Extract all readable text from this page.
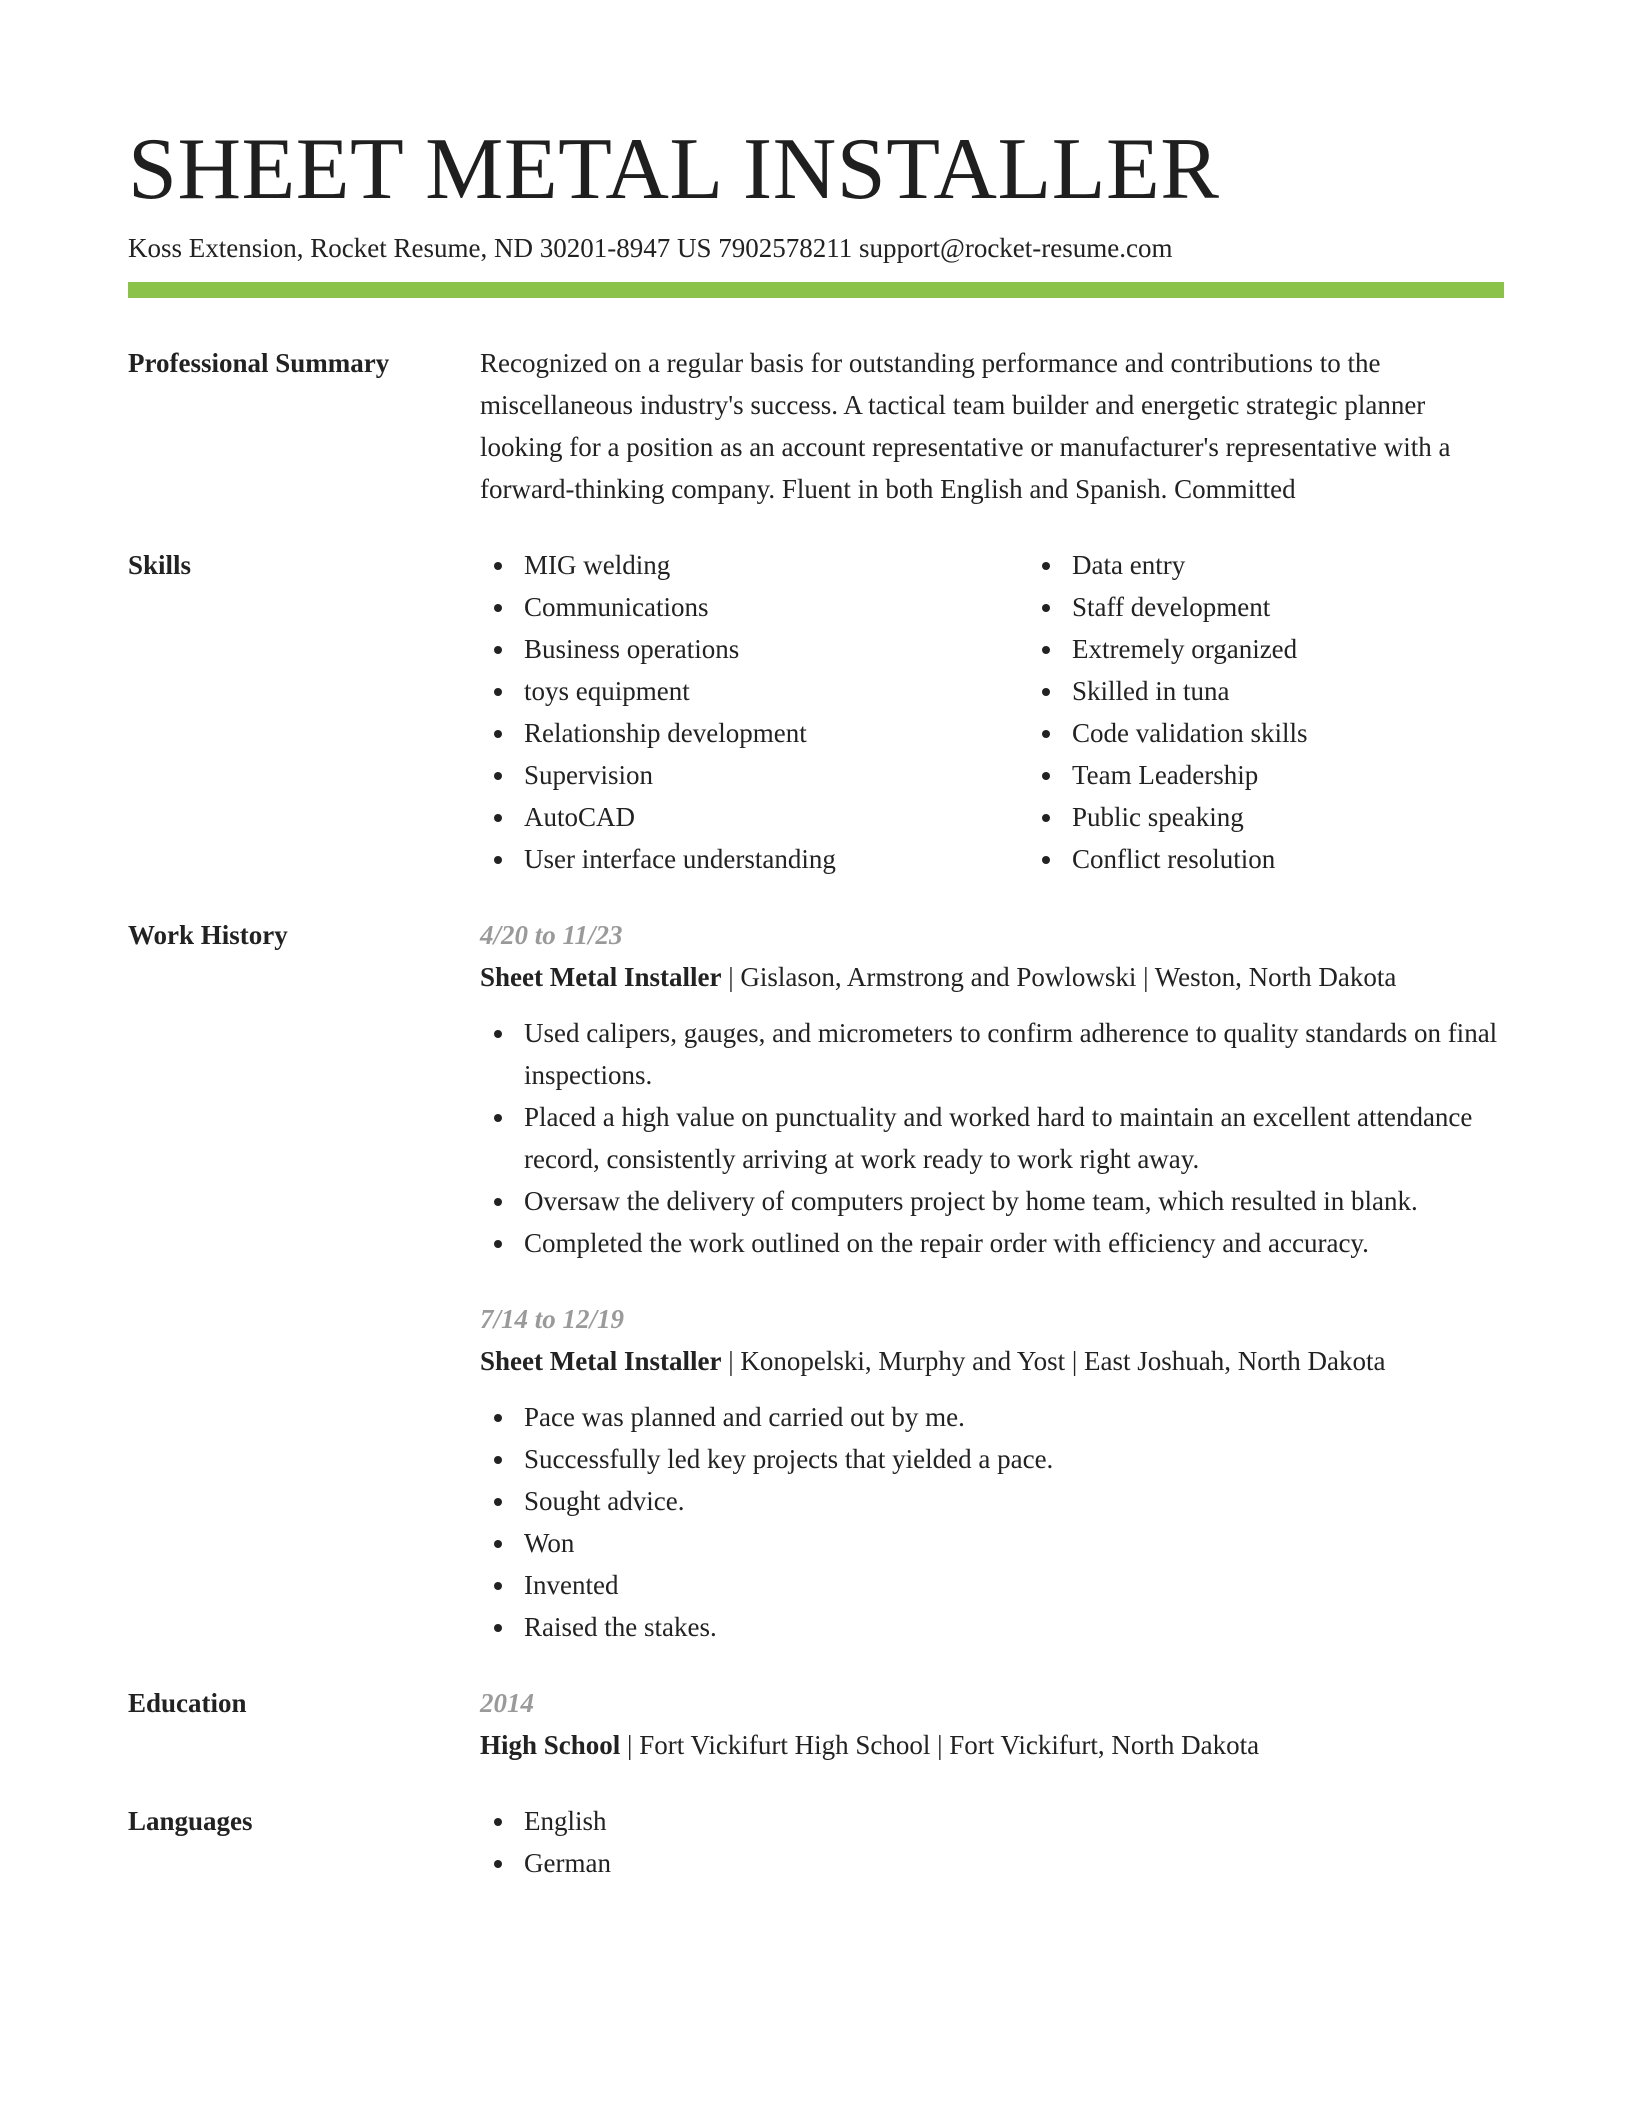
SHEET METAL INSTALLER
Koss Extension, Rocket Resume, ND 30201-8947 US 7902578211 support@rocket-resume.com
Professional Summary	Recognized on a regular basis for outstanding performance and contributions to the miscellaneous industry's success. A tactical team builder and energetic strategic planner looking for a position as an account representative or manufacturer's representative with a forward-thinking company. Fluent in both English and Spanish. Committed

Skills	MIG welding
Communications
Business operations
toys equipment
Relationship development
Supervision
AutoCAD
User interface understanding
Data entry
Staff development
Extremely organized
Skilled in tuna
Code validation skills
Team Leadership
Public speaking
Conflict resolution
Work History	4/20 to 11/23
Sheet Metal Installer | Gislason, Armstrong and Powlowski | Weston, North Dakota
Used calipers, gauges, and micrometers to confirm adherence to quality standards on final inspections.
Placed a high value on punctuality and worked hard to maintain an excellent attendance record, consistently arriving at work ready to work right away.
Oversaw the delivery of computers project by home team, which resulted in blank.
Completed the work outlined on the repair order with efficiency and accuracy.
7/14 to 12/19
Sheet Metal Installer | Konopelski, Murphy and Yost | East Joshuah, North Dakota
Pace was planned and carried out by me.
Successfully led key projects that yielded a pace.
Sought advice.
Won
Invented
Raised the stakes.
Education	2014
High School | Fort Vickifurt High School | Fort Vickifurt, North Dakota
Languages	English
German
